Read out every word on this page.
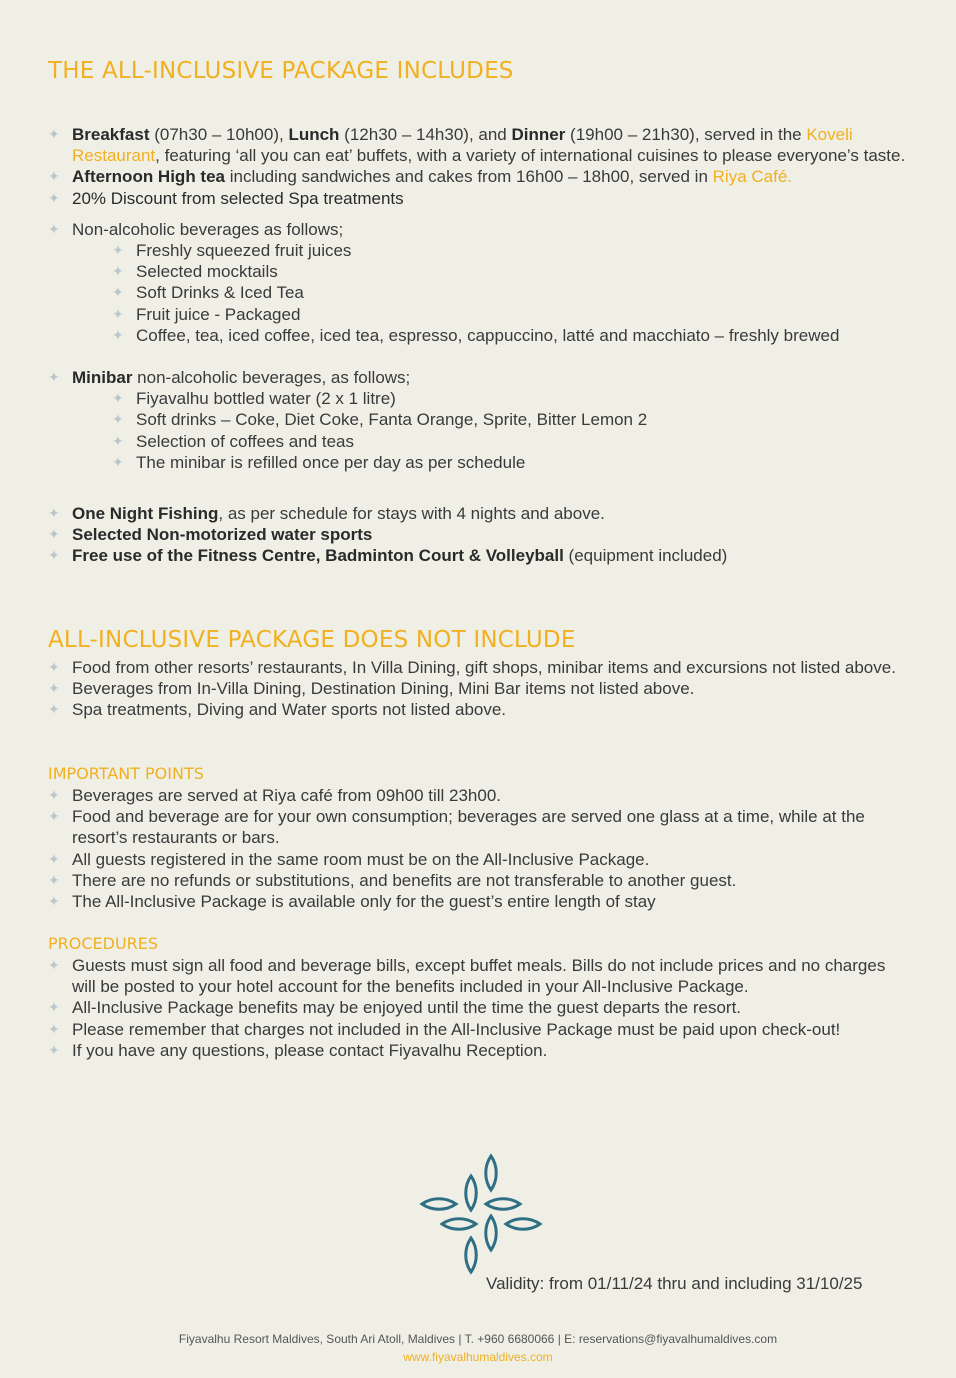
THE ALL-INCLUSIVE PACKAGE INCLUDES
✦ Breakfast (07h30 – 10h00), Lunch (12h30 – 14h30), and Dinner (19h00 – 21h30), served in the Koveli Restaurant, featuring ‘all you can eat’ buffets, with a variety of international cuisines to please everyone’s taste.
✦ Afternoon High tea including sandwiches and cakes from 16h00 – 18h00, served in Riya Café.
✦ 20% Discount from selected Spa treatments
✦ Non-alcoholic beverages as follows;
✦ Freshly squeezed fruit juices
✦ Selected mocktails
✦ Soft Drinks & Iced Tea
✦ Fruit juice - Packaged
✦ Coffee, tea, iced coffee, iced tea, espresso, cappuccino, latté and macchiato – freshly brewed
✦ Minibar non-alcoholic beverages, as follows;
✦ Fiyavalhu bottled water (2 x 1 litre)
✦ Soft drinks – Coke, Diet Coke, Fanta Orange, Sprite, Bitter Lemon 2
✦ Selection of coffees and teas
✦ The minibar is refilled once per day as per schedule
✦ One Night Fishing, as per schedule for stays with 4 nights and above.
✦ Selected Non-motorized water sports
✦ Free use of the Fitness Centre, Badminton Court & Volleyball (equipment included)
ALL-INCLUSIVE PACKAGE DOES NOT INCLUDE
✦ Food from other resorts’ restaurants, In Villa Dining, gift shops, minibar items and excursions not listed above.
✦ Beverages from In-Villa Dining, Destination Dining, Mini Bar items not listed above.
✦ Spa treatments, Diving and Water sports not listed above.
IMPORTANT POINTS
✦ Beverages are served at Riya café from 09h00 till 23h00.
✦ Food and beverage are for your own consumption; beverages are served one glass at a time, while at the resort’s restaurants or bars.
✦ All guests registered in the same room must be on the All-Inclusive Package.
✦ There are no refunds or substitutions, and benefits are not transferable to another guest.
✦ The All-Inclusive Package is available only for the guest’s entire length of stay
PROCEDURES
✦ Guests must sign all food and beverage bills, except buffet meals. Bills do not include prices and no charges will be posted to your hotel account for the benefits included in your All-Inclusive Package.
✦ All-Inclusive Package benefits may be enjoyed until the time the guest departs the resort.
✦ Please remember that charges not included in the All-Inclusive Package must be paid upon check-out!
✦ If you have any questions, please contact Fiyavalhu Reception.
Validity: from 01/11/24 thru and including 31/10/25
Fiyavalhu Resort Maldives, South Ari Atoll, Maldives | T. +960 6680066 | E: reservations@fiyavalhumaldives.com
www.fiyavalhumaldives.com
